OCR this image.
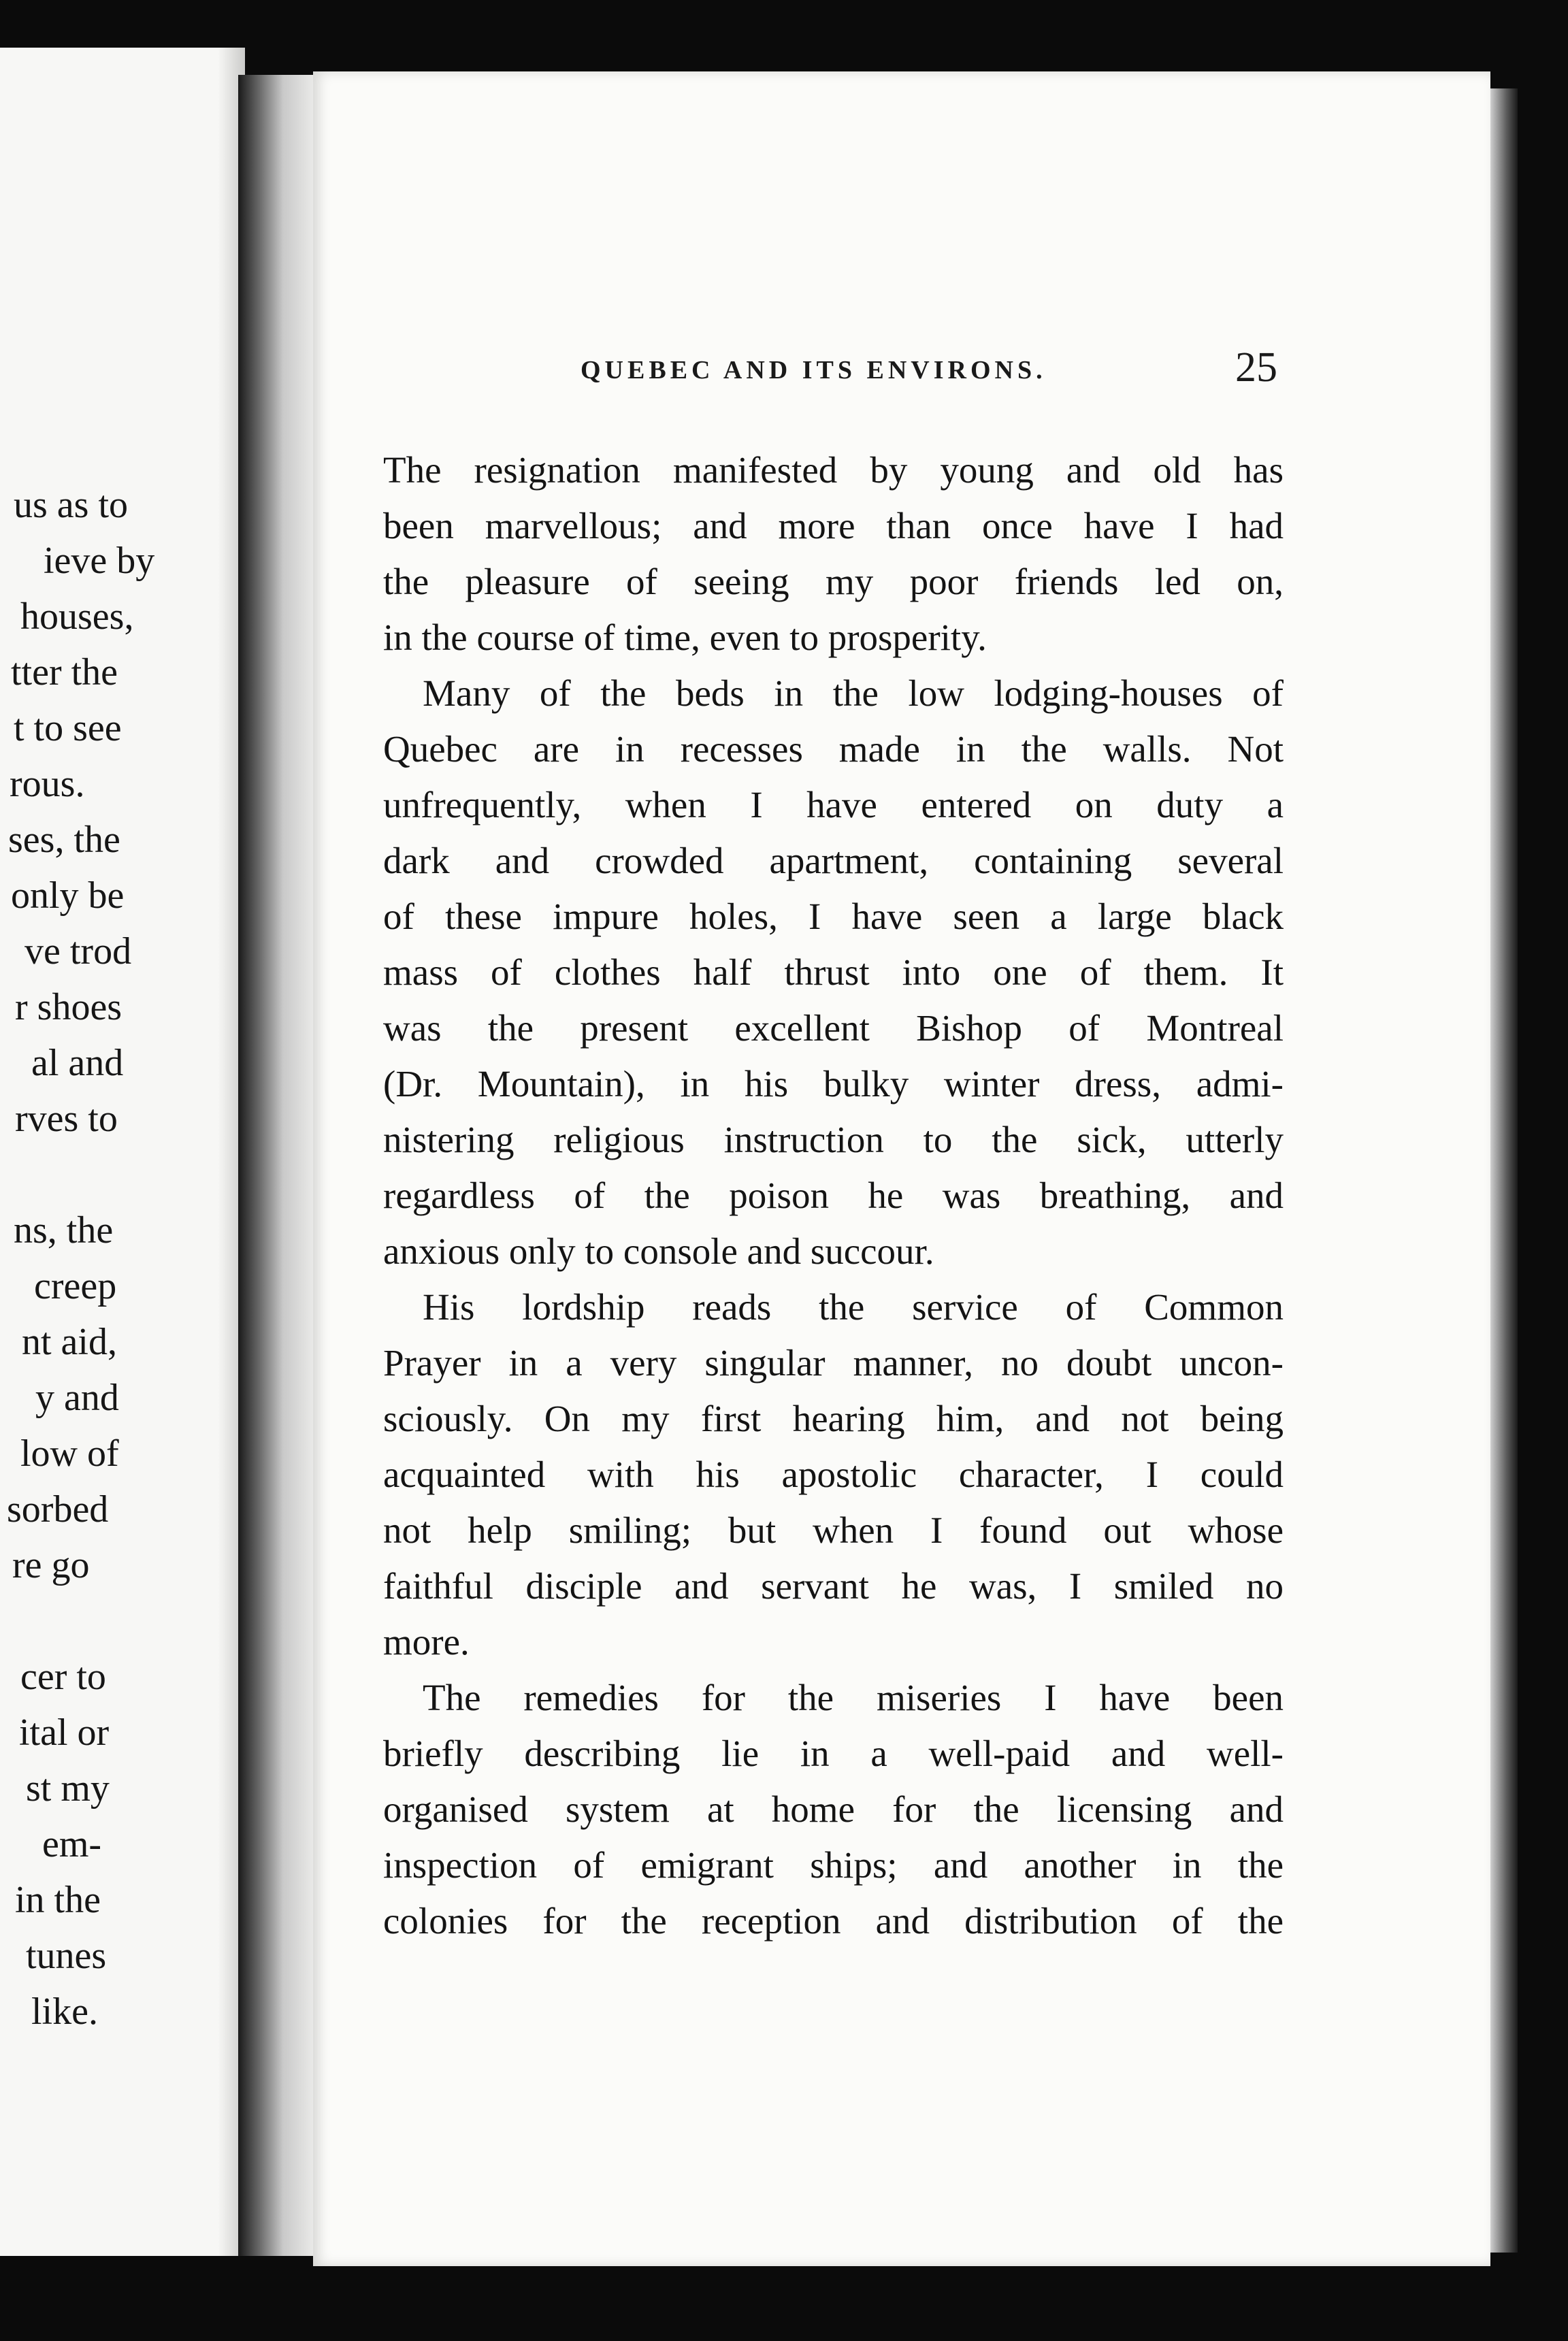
us as to
ieve by
houses,
tter the
t to see
rous.
ses, the
only be
ve trod
r shoes
al and
rves to
ns, the
creep
nt aid,
y and
low of
sorbed
re go
cer to
ital or
st my
em-
in the
tunes
like.
QUEBEC AND ITS ENVIRONS.	25
The resignation manifested by young and old has
been marvellous; and more than once have I had
the pleasure of seeing my poor friends led on,
in the course of time, even to prosperity.
Many of the beds in the low lodging-houses of
Quebec are in recesses made in the walls. Not
unfrequently, when I have entered on duty a
dark and crowded apartment, containing several
of these impure holes, I have seen a large black
mass of clothes half thrust into one of them. It
was the present excellent Bishop of Montreal
(Dr. Mountain), in his bulky winter dress, admi-
nistering religious instruction to the sick, utterly
regardless of the poison he was breathing, and
anxious only to console and succour.
His lordship reads the service of Common
Prayer in a very singular manner, no doubt uncon-
sciously. On my first hearing him, and not being
acquainted with his apostolic character, I could
not help smiling; but when I found out whose
faithful disciple and servant he was, I smiled no
more.
The remedies for the miseries I have been
briefly describing lie in a well-paid and well-
organised system at home for the licensing and
inspection of emigrant ships; and another in the
colonies for the reception and distribution of the
